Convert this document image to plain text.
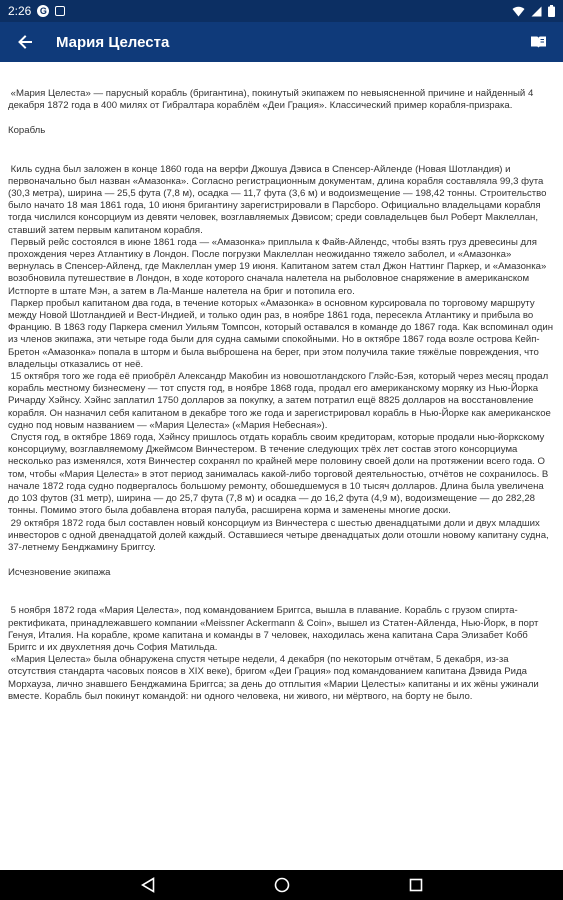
2:26 G
Мария Целеста
«Мария Целеста» — парусный корабль (бригантина), покинутый экипажем по невыясненной причине и найденный 4 декабря 1872 года в 400 милях от Гибралтара кораблём «Деи Грация». Классический пример корабля-призрака.
Корабль
Киль судна был заложен в конце 1860 года на верфи Джошуа Дэвиса в Спенсер-Айленде (Новая Шотландия) и первоначально был назван «Амазонка». Согласно регистрационным документам, длина корабля составляла 99,3 фута (30,3 метра), ширина — 25,5 фута (7,8 м), осадка — 11,7 фута (3,6 м) и водоизмещение — 198,42 тонны. Строительство было начато 18 мая 1861 года, 10 июня бригантину зарегистрировали в Парсборо. Официально владельцами корабля тогда числился консорциум из девяти человек, возглавляемых Дэвисом; среди совладельцев был Роберт Маклеллан, ставший затем первым капитаном корабля.
Первый рейс состоялся в июне 1861 года — «Амазонка» приплыла к Файв-Айлендс, чтобы взять груз древесины для прохождения через Атлантику в Лондон. После погрузки Маклеллан неожиданно тяжело заболел, и «Амазонка» вернулась в Спенсер-Айленд, где Маклеллан умер 19 июня. Капитаном затем стал Джон Наттинг Паркер, и «Амазонка» возобновила путешествие в Лондон, в ходе которого сначала налетела на рыболовное снаряжение в американском Истпорте в штате Мэн, а затем в Ла-Манше налетела на бриг и потопила его.
Паркер пробыл капитаном два года, в течение которых «Амазонка» в основном курсировала по торговому маршруту между Новой Шотландией и Вест-Индией, и только один раз, в ноябре 1861 года, пересекла Атлантику и прибыла во Францию. В 1863 году Паркера сменил Уильям Томпсон, который оставался в команде до 1867 года. Как вспоминал один из членов экипажа, эти четыре года были для судна самыми спокойными. Но в октябре 1867 года возле острова Кейп-Бретон «Амазонка» попала в шторм и была выброшена на берег, при этом получила такие тяжёлые повреждения, что владельцы отказались от неё.
15 октября того же года её приобрёл Александр Макобин из новошотландского Глэйс-Бэя, который через месяц продал корабль местному бизнесмену — тот спустя год, в ноябре 1868 года, продал его американскому моряку из Нью-Йорка Ричарду Хэйнсу. Хэйнс заплатил 1750 долларов за покупку, а затем потратил ещё 8825 долларов на восстановление корабля. Он назначил себя капитаном в декабре того же года и зарегистрировал корабль в Нью-Йорке как американское судно под новым названием — «Мария Целеста» («Мария Небесная»).
Спустя год, в октябре 1869 года, Хэйнсу пришлось отдать корабль своим кредиторам, которые продали нью-йоркскому консорциуму, возглавляемому Джеймсом Винчестером. В течение следующих трёх лет состав этого консорциума несколько раз изменялся, хотя Винчестер сохранял по крайней мере половину своей доли на протяжении всего года. О том, чтобы «Мария Целеста» в этот период занималась какой-либо торговой деятельностью, отчётов не сохранилось. В начале 1872 года судно подвергалось большому ремонту, обошедшемуся в 10 тысяч долларов. Длина была увеличена до 103 футов (31 метр), ширина — до 25,7 фута (7,8 м) и осадка — до 16,2 фута (4,9 м), водоизмещение — до 282,28 тонны. Помимо этого была добавлена вторая палуба, расширена корма и заменены многие доски.
29 октября 1872 года был составлен новый консорциум из Винчестера с шестью двенадцатыми доли и двух младших инвесторов с одной двенадцатой долей каждый. Оставшиеся четыре двенадцатых доли отошли новому капитану судна, 37-летнему Бенджамину Бриггсу.
Исчезновение экипажа
5 ноября 1872 года «Мария Целеста», под командованием Бриггса, вышла в плавание. Корабль с грузом спирта-ректификата, принадлежавшего компании «Meissner Ackermann & Coin», вышел из Статен-Айленда, Нью-Йорк, в порт Генуя, Италия. На корабле, кроме капитана и команды в 7 человек, находилась жена капитана Сара Элизабет Кобб Бриггс и их двухлетняя дочь София Матильда.
«Мария Целеста» была обнаружена спустя четыре недели, 4 декабря (по некоторым отчётам, 5 декабря, из-за отсутствия стандарта часовых поясов в XIX веке), бригом «Деи Грация» под командованием капитана Дэвида Рида Морхауза, лично знавшего Бенджамина Бриггса; за день до отплытия «Марии Целесты» капитаны и их жёны ужинали вместе. Корабль был покинут командой: ни одного человека, ни живого, ни мёртвого, на борту не было.
